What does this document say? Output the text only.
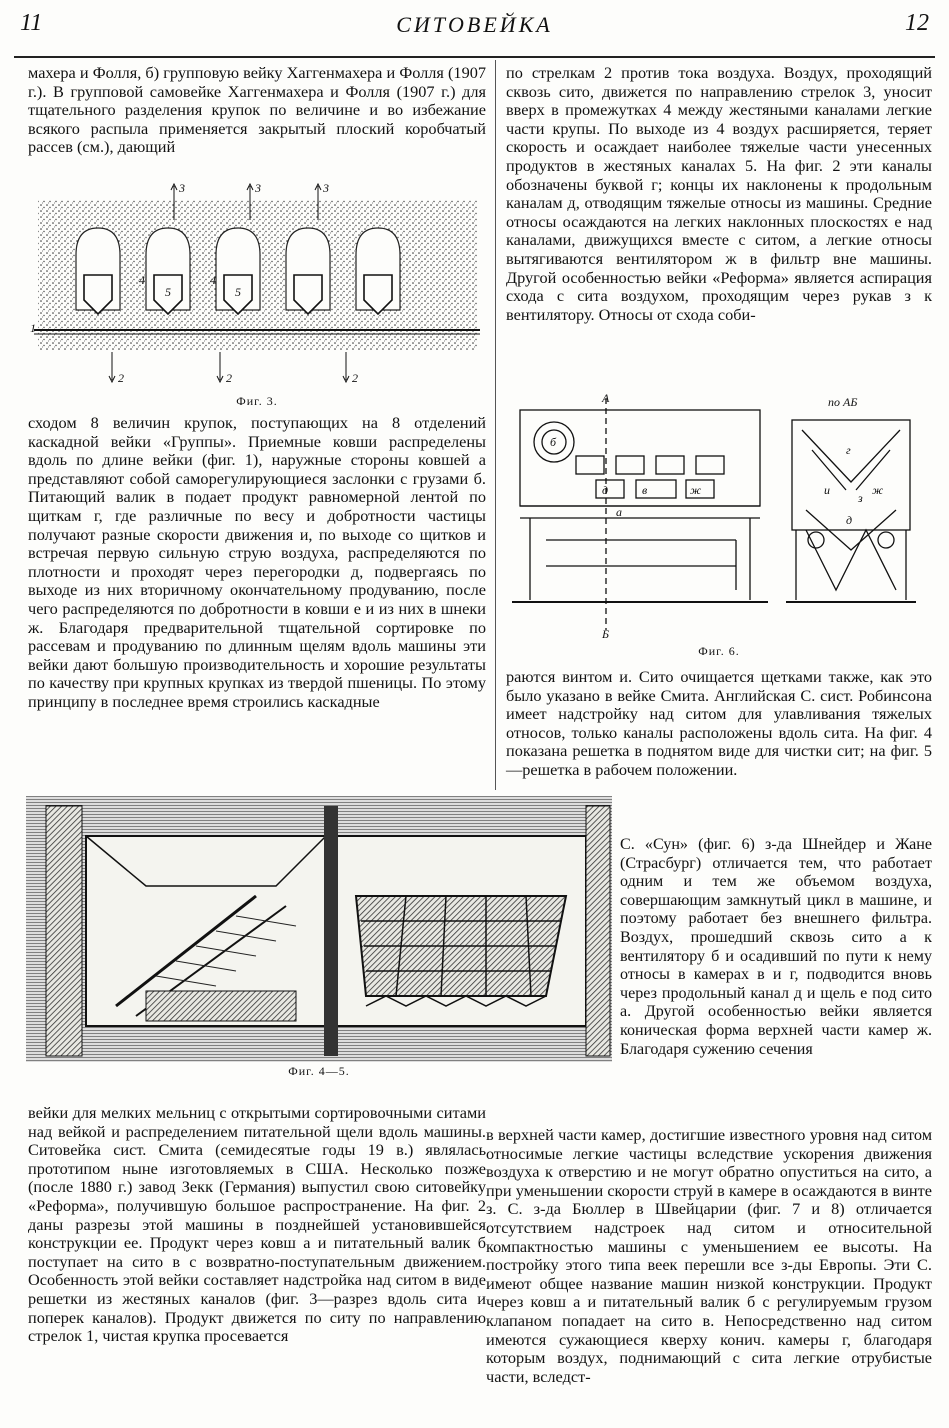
11	СИТОВЕЙКА	12

махера и Фолля, б) групповую вейку Хаггенмахера и Фолля (1907 г.). В групповой самовейке Хаггенмахера и Фолля (1907 г.) для тщательного разделения крупок по величине и во избежание всякого распыла применяется закрытый плоский коробчатый рассев (см.), дающий

1
2	2	2
3	3	3
4	4
5	5

Фиг. 3.

сходом 8 величин крупок, поступающих на 8 отделений каскадной вейки «Группы». Приемные ковши распределены вдоль по длине вейки (фиг. 1), наружные стороны ковшей а представляют собой саморегулирующиеся заслонки с грузами б. Питающий валик в подает продукт равномерной лентой по щиткам г, где различные по весу и добротности частицы получают разные скорости движения и, по выходе со щитков и встречая первую сильную струю воздуха, распределяются по плотности и проходят через перегородки д, подвергаясь по выходе из них вторичному окончательному продуванию, после чего распределяются по добротности в ковши е и из них в шнеки ж. Благодаря предварительной тщательной сортировке по рассевам и продуванию по длинным щелям вдоль машины эти вейки дают большую производительность и хорошие результаты по качеству при крупных крупках из твердой пшеницы. По этому принципу в последнее время строились каскадные

по стрелкам 2 против тока воздуха. Воздух, проходящий сквозь сито, движется по направлению стрелок 3, уносит вверх в промежутках 4 между жестяными каналами легкие части крупы. По выходе из 4 воздух расширяется, теряет скорость и осаждает наиболее тяжелые части унесенных продуктов в жестяных каналах 5. На фиг. 2 эти каналы обозначены буквой г; концы их наклонены к продольным каналам д, отводящим тяжелые относы из машины. Средние относы осаждаются на легких наклонных плоскостях е над каналами, движущихся вместе с ситом, а легкие относы вытягиваются вентилятором ж в фильтр вне машины. Другой особенностью вейки «Реформа» является аспирация схода с сита воздухом, проходящим через рукав з к вентилятору. Относы от схода соби-

А
Б
по АБ
б
д	в	ж
а
г
и
з
ж
д

Фиг. 6.

раются винтом и. Сито очищается щетками также, как это было указано в вейке Смита. Английская С. сист. Робинсона имеет надстройку над ситом для улавливания тяжелых относов, только каналы расположены вдоль сита. На фиг. 4 показана решетка в поднятом виде для чистки сит; на фиг. 5—решетка в рабочем положении.

Фиг. 4—5.

С. «Сун» (фиг. 6) з-да Шнейдер и Жане (Страсбург) отличается тем, что работает одним и тем же объемом воздуха, совершающим замкнутый цикл в машине, и поэтому работает без внешнего фильтра. Воздух, прошедший сквозь сито а к вентилятору б и осадивший по пути к нему относы в камерах в и г, подводится вновь через продольный канал д и щель е под сито а. Другой особенностью вейки является коническая форма верхней части камер ж. Благодаря сужению сечения

вейки для мелких мельниц с открытыми сортировочными ситами над вейкой и распределением питательной щели вдоль машины. Ситовейка сист. Смита (семидесятые годы 19 в.) являлась прототипом ныне изготовляемых в США. Несколько позже (после 1880 г.) завод Зекк (Германия) выпустил свою ситовейку «Реформа», получившую большое распространение. На фиг. 2 даны разрезы этой машины в позднейшей установившейся конструкции ее. Продукт через ковш а и питательный валик б поступает на сито в с возвратно-поступательным движением. Особенность этой вейки составляет надстройка над ситом в виде решетки из жестяных каналов (фиг. 3—разрез вдоль сита и поперек каналов). Продукт движется по ситу по направлению стрелок 1, чистая крупка просевается

в верхней части камер, достигшие известного уровня над ситом относимые легкие частицы вследствие ускорения движения воздуха к отверстию и не могут обратно опуститься на сито, а при уменьшении скорости струй в камере в осаждаются в винте з. С. з-да Бюллер в Швейцарии (фиг. 7 и 8) отличается отсутствием надстроек над ситом и относительной компактностью машины с уменьшением ее высоты. На постройку этого типа веек перешли все з-ды Европы. Эти С. имеют общее название машин низкой конструкции. Продукт через ковш а и питательный валик б с регулируемым грузом клапаном попадает на сито в. Непосредственно над ситом имеются сужающиеся кверху конич. камеры г, благодаря которым воздух, поднимающий с сита легкие отрубистые части, вследст-
